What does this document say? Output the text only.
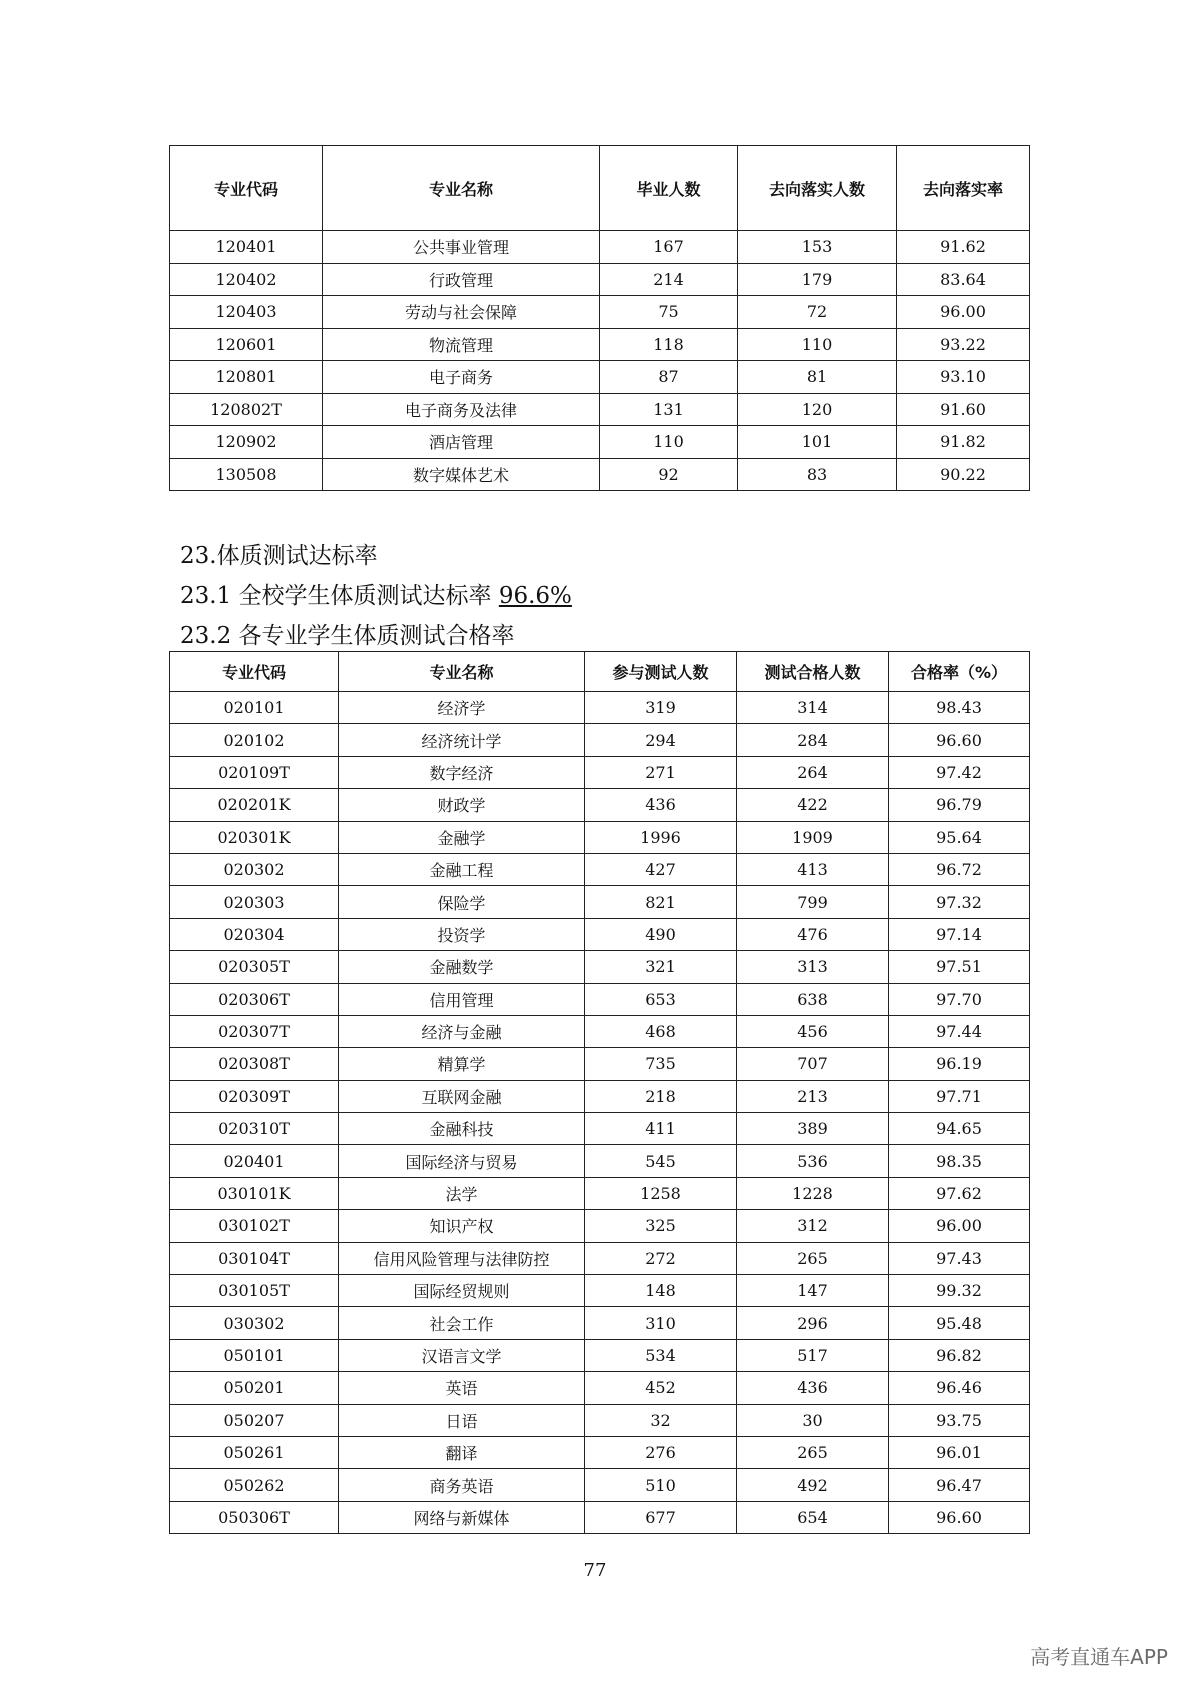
专业代码	专业名称	毕业人数	去向落实人数	去向落实率
120401	公共事业管理	167	153	91.62
120402	行政管理	214	179	83.64
120403	劳动与社会保障	75	72	96.00
120601	物流管理	118	110	93.22
120801	电子商务	87	81	93.10
120802T	电子商务及法律	131	120	91.60
120902	酒店管理	110	101	91.82
130508	数字媒体艺术	92	83	90.22
23.体质测试达标率
23.1 全校学生体质测试达标率 96.6%
23.2 各专业学生体质测试合格率
专业代码	专业名称	参与测试人数	测试合格人数	合格率（%）
020101	经济学	319	314	98.43
020102	经济统计学	294	284	96.60
020109T	数字经济	271	264	97.42
020201K	财政学	436	422	96.79
020301K	金融学	1996	1909	95.64
020302	金融工程	427	413	96.72
020303	保险学	821	799	97.32
020304	投资学	490	476	97.14
020305T	金融数学	321	313	97.51
020306T	信用管理	653	638	97.70
020307T	经济与金融	468	456	97.44
020308T	精算学	735	707	96.19
020309T	互联网金融	218	213	97.71
020310T	金融科技	411	389	94.65
020401	国际经济与贸易	545	536	98.35
030101K	法学	1258	1228	97.62
030102T	知识产权	325	312	96.00
030104T	信用风险管理与法律防控	272	265	97.43
030105T	国际经贸规则	148	147	99.32
030302	社会工作	310	296	95.48
050101	汉语言文学	534	517	96.82
050201	英语	452	436	96.46
050207	日语	32	30	93.75
050261	翻译	276	265	96.01
050262	商务英语	510	492	96.47
050306T	网络与新媒体	677	654	96.60
77
高考直通车APP
